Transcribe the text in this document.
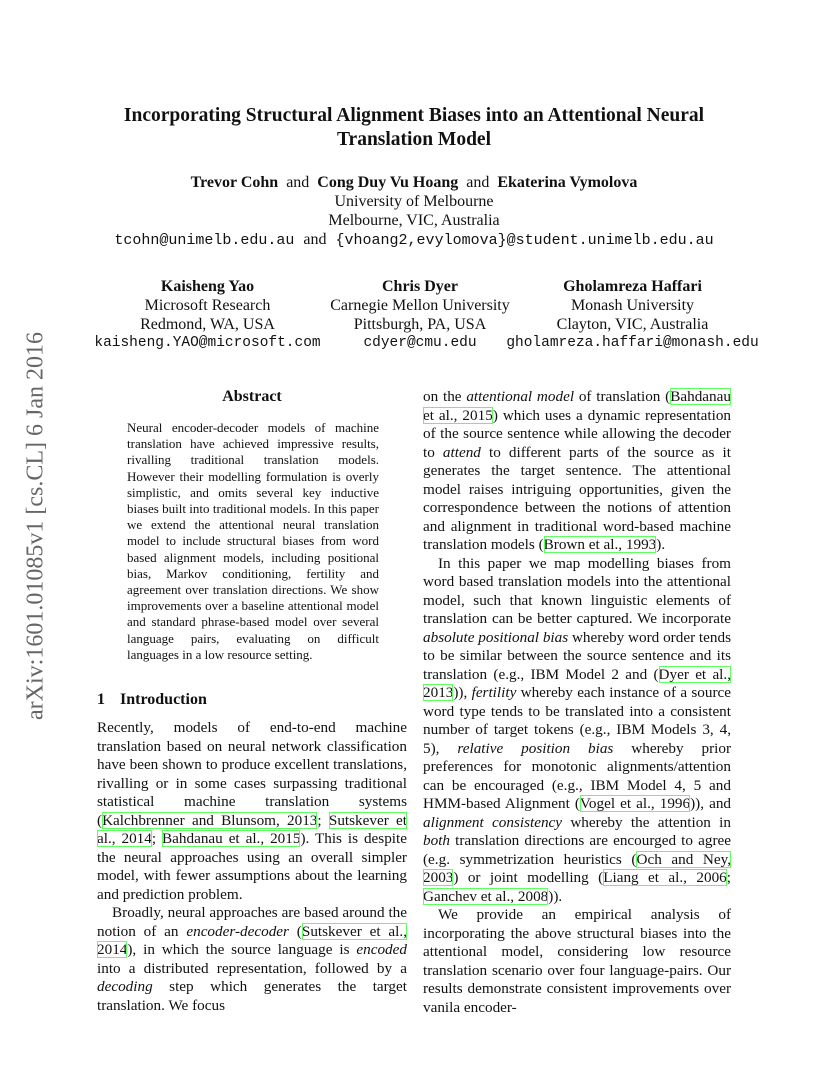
arXiv:1601.01085v1 [cs.CL] 6 Jan 2016
Incorporating Structural Alignment Biases into an Attentional Neural Translation Model
Trevor Cohn and Cong Duy Vu Hoang and Ekaterina Vymolova
University of Melbourne
Melbourne, VIC, Australia
tcohn@unimelb.edu.au and {vhoang2,evylomova}@student.unimelb.edu.au
Kaisheng Yao
Microsoft Research
Redmond, WA, USA
kaisheng.YAO@microsoft.com
Chris Dyer
Carnegie Mellon University
Pittsburgh, PA, USA
cdyer@cmu.edu
Gholamreza Haffari
Monash University
Clayton, VIC, Australia
gholamreza.haffari@monash.edu
Abstract
Neural encoder-decoder models of machine translation have achieved impressive results, rivalling traditional translation models. However their modelling formulation is overly simplistic, and omits several key inductive biases built into traditional models. In this paper we extend the attentional neural translation model to include structural biases from word based alignment models, including positional bias, Markov conditioning, fertility and agreement over translation directions. We show improvements over a baseline attentional model and standard phrase-based model over several language pairs, evaluating on difficult languages in a low resource setting.
1 Introduction

Recently, models of end-to-end machine translation based on neural network classification have been shown to produce excellent translations, rivalling or in some cases surpassing traditional statistical machine translation systems (Kalchbrenner and Blunsom, 2013; Sutskever et al., 2014; Bahdanau et al., 2015). This is despite the neural approaches using an overall simpler model, with fewer assumptions about the learning and prediction problem.

Broadly, neural approaches are based around the notion of an encoder-decoder (Sutskever et al., 2014), in which the source language is encoded into a distributed representation, followed by a decoding step which generates the target translation. We focus

on the attentional model of translation (Bahdanau et al., 2015) which uses a dynamic representation of the source sentence while allowing the decoder to attend to different parts of the source as it generates the target sentence. The attentional model raises intriguing opportunities, given the correspondence between the notions of attention and alignment in traditional word-based machine translation models (Brown et al., 1993).

In this paper we map modelling biases from word based translation models into the attentional model, such that known linguistic elements of translation can be better captured. We incorporate absolute positional bias whereby word order tends to be similar between the source sentence and its translation (e.g., IBM Model 2 and (Dyer et al., 2013)), fertility whereby each instance of a source word type tends to be translated into a consistent number of target tokens (e.g., IBM Models 3, 4, 5), relative position bias whereby prior preferences for monotonic alignments/attention can be encouraged (e.g., IBM Model 4, 5 and HMM-based Alignment (Vogel et al., 1996)), and alignment consistency whereby the attention in both translation directions are encourged to agree (e.g. symmetrization heuristics (Och and Ney, 2003) or joint modelling (Liang et al., 2006; Ganchev et al., 2008)).

We provide an empirical analysis of incorporating the above structural biases into the attentional model, considering low resource translation scenario over four language-pairs. Our results demonstrate consistent improvements over vanila encoder-
